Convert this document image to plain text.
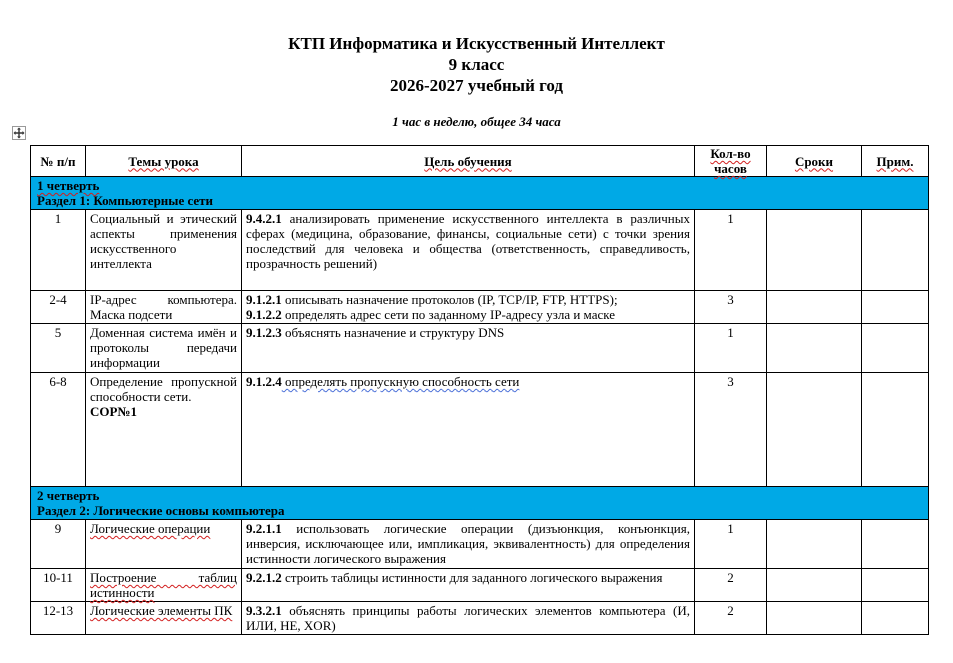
КТП Информатика и Искусственный Интеллект
9 класс
2026-2027 учебный год
1 час в неделю, общее 34 часа
№ п/п	Темы урока	Цель обучения	Кол-во часов	Сроки	Прим.

1 четверть
Раздел 1: Компьютерные сети					

1	Социальный и этический аспекты применения искусственного интеллекта	9.4.2.1 анализировать применение искусственного интеллекта в различных сферах (медицина, образование, финансы, социальные сети) с точки зрения последствий для человека и общества (ответственность, справедливость, прозрачность решений)	1		
2-4	IP-адрес компьютера. Маска подсети	9.1.2.1 описывать назначение протоколов (IP, TCP/IP, FTP, HTTPS);
9.1.2.2 определять адрес сети по заданному IP-адресу узла и маске	3		
5	Доменная система имён и протоколы передачи информации	9.1.2.3 объяснять назначение и структуру DNS	1		
6-8	Определение пропускной способности сети.
СОР№1	9.1.2.4 определять пропускную способность сети	3		

2 четверть
Раздел 2: Логические основы компьютера					

9	Логические операции	9.2.1.1 использовать логические операции (дизъюнкция, конъюнкция, инверсия, исключающее или, импликация, эквивалентность) для определения истинности логического выражения	1		
10-11	Построение таблиц истинности	9.2.1.2 строить таблицы истинности для заданного логического выражения	2		
12-13	Логические элементы ПК	9.3.2.1 объяснять принципы работы логических элементов компьютера (И, ИЛИ, НЕ, XOR)	2		
